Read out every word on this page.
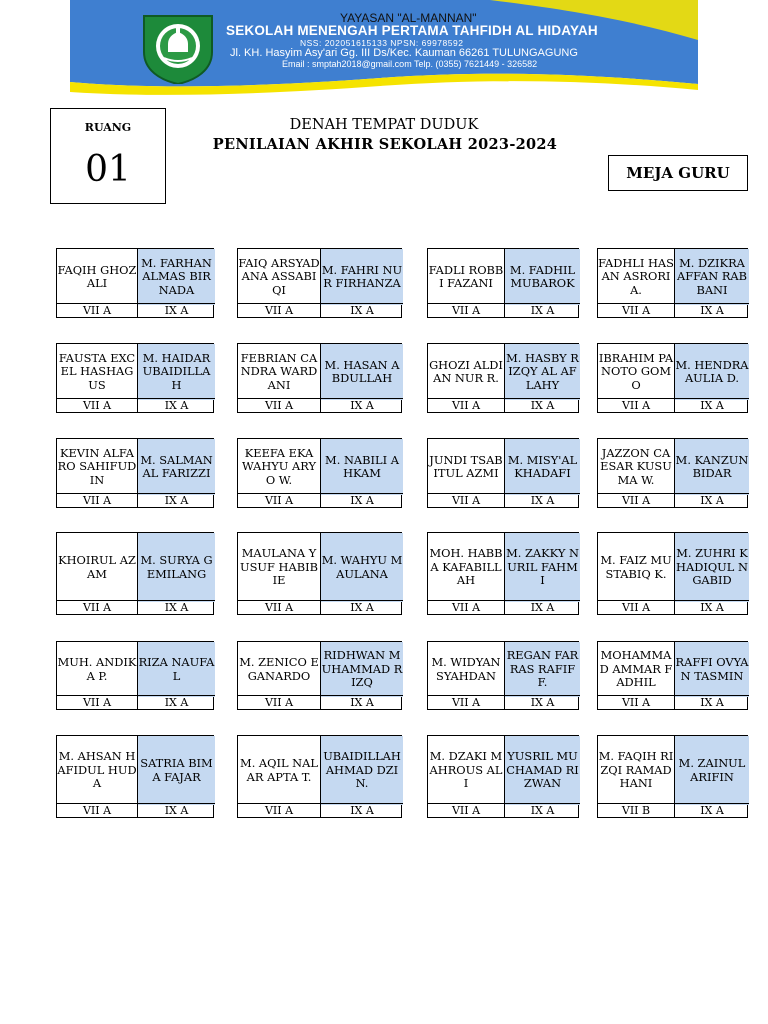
YAYASAN "AL-MANNAN"
SEKOLAH MENENGAH PERTAMA TAHFIDH AL HIDAYAH
NSS: 202051615133 NPSN: 69978592
Jl. KH. Hasyim Asy'ari Gg. III Ds/Kec. Kauman 66261 TULUNGAGUNG
Email : smptah2018@gmail.com Telp. (0355) 7621449 - 326582
RUANG
01
DENAH TEMPAT DUDUK
PENILAIAN AKHIR SEKOLAH 2023-2024
MEJA GURU
FAQIH GHOZALI
M. FARHAN ALMAS BIRNADA
VII A	IX A
FAIQ ARSYADANA ASSABIQI
M. FAHRI NUR FIRHANZA
VII A	IX A
FADLI ROBBI FAZANI
M. FADHIL MUBAROK
VII A	IX A
FADHLI HASAN ASRORI A.
M. DZIKRA AFFAN RABBANI
VII A	IX A
FAUSTA EXCEL HASHAGUS
M. HAIDAR UBAIDILLAH
VII A	IX A
FEBRIAN CANDRA WARDANI
M. HASAN ABDULLAH
VII A	IX A
GHOZI ALDIAN NUR R.
M. HASBY RIZQY AL AFLAHY
VII A	IX A
IBRAHIM PANOTO GOMO
M. HENDRA AULIA D.
VII A	IX A
KEVIN ALFARO SAHIFUDIN
M. SALMAN AL FARIZZI
VII A	IX A
KEEFA EKA WAHYU ARYO W.
M. NABILI AHKAM
VII A	IX A
JUNDI TSABITUL AZMI
M. MISY'AL KHADAFI
VII A	IX A
JAZZON CAESAR KUSUMA W.
M. KANZUN BIDAR
VII A	IX A
KHOIRUL AZAM
M. SURYA GEMILANG
VII A	IX A
MAULANA YUSUF HABIBIE
M. WAHYU MAULANA
VII A	IX A
MOH. HABBA KAFABILLAH
M. ZAKKY NURIL FAHMI
VII A	IX A
M. FAIZ MUSTABIQ K.
M. ZUHRI KHADIQUL NGABID
VII A	IX A
MUH. ANDIKA P.
RIZA NAUFAL
VII A	IX A
M. ZENICO EGANARDO
RIDHWAN MUHAMMAD RIZQ
VII A	IX A
M. WIDYAN SYAHDAN
REGAN FARRAS RAFIF F.
VII A	IX A
MOHAMMAD AMMAR FADHIL
RAFFI OVYAN TASMIN
VII A	IX A
M. AHSAN HAFIDUL HUDA
SATRIA BIMA FAJAR
VII A	IX A
M. AQIL NALAR APTA T.
UBAIDILLAH AHMAD DZI N.
VII A	IX A
M. DZAKI MAHROUS ALI
YUSRIL MUCHAMAD RIZWAN
VII A	IX A
M. FAQIH RIZQI RAMADHANI
M. ZAINUL ARIFIN
VII B	IX A
